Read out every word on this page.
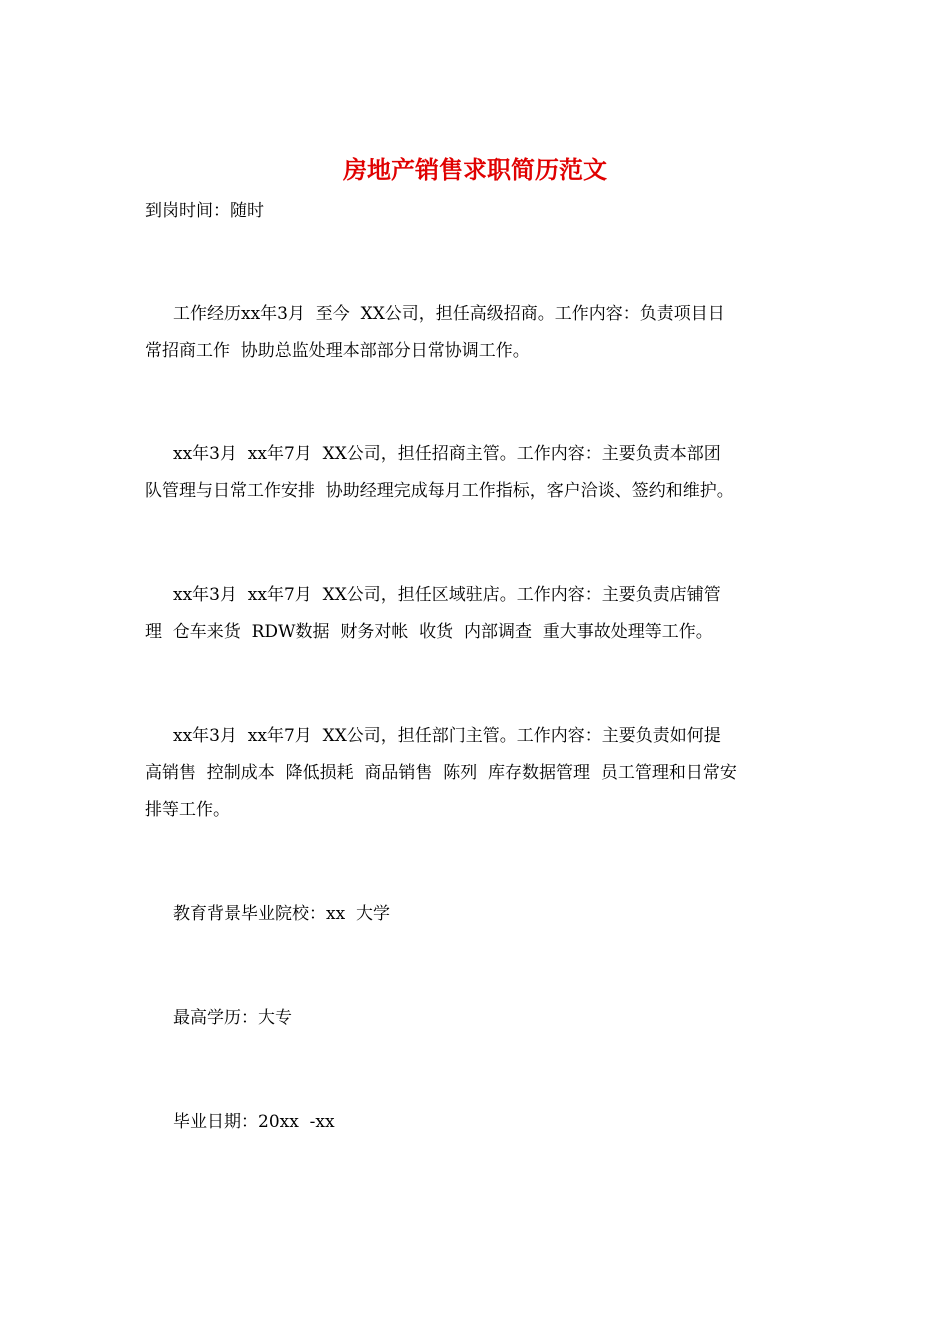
房地产销售求职简历范文

到岗时间：随时

工作经历xx年3月  至今  XX公司，担任高级招商。工作内容：负责项目日

常招商工作  协助总监处理本部部分日常协调工作。

xx年3月  xx年7月  XX公司，担任招商主管。工作内容：主要负责本部团

队管理与日常工作安排  协助经理完成每月工作指标，客户洽谈、签约和维护。

xx年3月  xx年7月  XX公司，担任区域驻店。工作内容：主要负责店铺管

理  仓车来货  RDW数据  财务对帐  收货  内部调查  重大事故处理等工作。

xx年3月  xx年7月  XX公司，担任部门主管。工作内容：主要负责如何提

高销售  控制成本  降低损耗  商品销售  陈列  库存数据管理  员工管理和日常安

排等工作。

教育背景毕业院校：xx  大学

最高学历：大专

毕业日期：20xx  -xx
